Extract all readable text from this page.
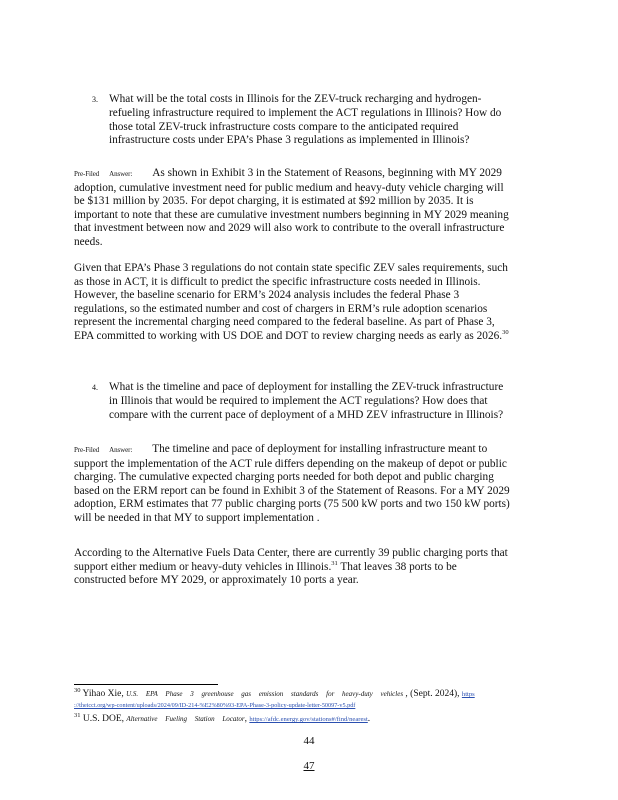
3. What will be the total costs in Illinois for the ZEV-truck recharging and hydrogen-refueling infrastructure required to implement the ACT regulations in Illinois? How do those total ZEV-truck infrastructure costs compare to the anticipated required infrastructure costs under EPA’s Phase 3 regulations as implemented in Illinois?
Pre-Filed Answer: As shown in Exhibit 3 in the Statement of Reasons, beginning with MY 2029 adoption, cumulative investment need for public medium and heavy-duty vehicle charging will be $131 million by 2035. For depot charging, it is estimated at $92 million by 2035. It is important to note that these are cumulative investment numbers beginning in MY 2029 meaning that investment between now and 2029 will also work to contribute to the overall infrastructure needs.
Given that EPA’s Phase 3 regulations do not contain state specific ZEV sales requirements, such as those in ACT, it is difficult to predict the specific infrastructure costs needed in Illinois. However, the baseline scenario for ERM’s 2024 analysis includes the federal Phase 3 regulations, so the estimated number and cost of chargers in ERM’s rule adoption scenarios represent the incremental charging need compared to the federal baseline. As part of Phase 3, EPA committed to working with US DOE and DOT to review charging needs as early as 2026.30
4. What is the timeline and pace of deployment for installing the ZEV-truck infrastructure in Illinois that would be required to implement the ACT regulations? How does that compare with the current pace of deployment of a MHD ZEV infrastructure in Illinois?
Pre-Filed Answer: The timeline and pace of deployment for installing infrastructure meant to support the implementation of the ACT rule differs depending on the makeup of depot or public charging. The cumulative expected charging ports needed for both depot and public charging based on the ERM report can be found in Exhibit 3 of the Statement of Reasons. For a MY 2029 adoption, ERM estimates that 77 public charging ports (75 500 kW ports and two 150 kW ports) will be needed in that MY to support implementation .
According to the Alternative Fuels Data Center, there are currently 39 public charging ports that support either medium or heavy-duty vehicles in Illinois.$^{31}$ That leaves 38 ports to be constructed before MY 2029, or approximately 10 ports a year.
$^{30}$ Yihao Xie, U.S. EPA Phase 3 greenhouse gas emission standards for heavy-duty vehicles , (Sept. 2024), https
://theicct.org/wp-content/uploads/2024/09/ID-214-%E2%80%93-EPA-Phase-3-policy-update-letter-50097-v5.pdf
$^{31}$ U.S. DOE, Alternative Fueling Station Locator, https://afdc.energy.gov/stations#/find/nearest.
44
47
